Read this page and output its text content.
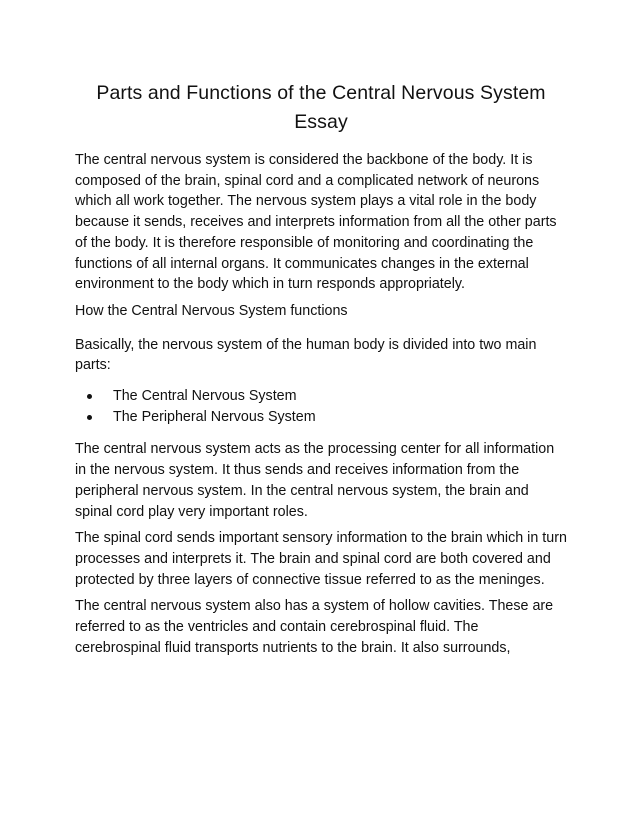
Parts and Functions of the Central Nervous System Essay

The central nervous system is considered the backbone of the body. It is composed of the brain, spinal cord and a complicated network of neurons which all work together. The nervous system plays a vital role in the body because it sends, receives and interprets information from all the other parts of the body. It is therefore responsible of monitoring and coordinating the functions of all internal organs. It communicates changes in the external environment to the body which in turn responds appropriately.

How the Central Nervous System functions

Basically, the nervous system of the human body is divided into two main parts:

The Central Nervous System
The Peripheral Nervous System

The central nervous system acts as the processing center for all information in the nervous system. It thus sends and receives information from the peripheral nervous system. In the central nervous system, the brain and spinal cord play very important roles.

The spinal cord sends important sensory information to the brain which in turn processes and interprets it. The brain and spinal cord are both covered and protected by three layers of connective tissue referred to as the meninges.

The central nervous system also has a system of hollow cavities. These are referred to as the ventricles and contain cerebrospinal fluid. The cerebrospinal fluid transports nutrients to the brain. It also surrounds,
